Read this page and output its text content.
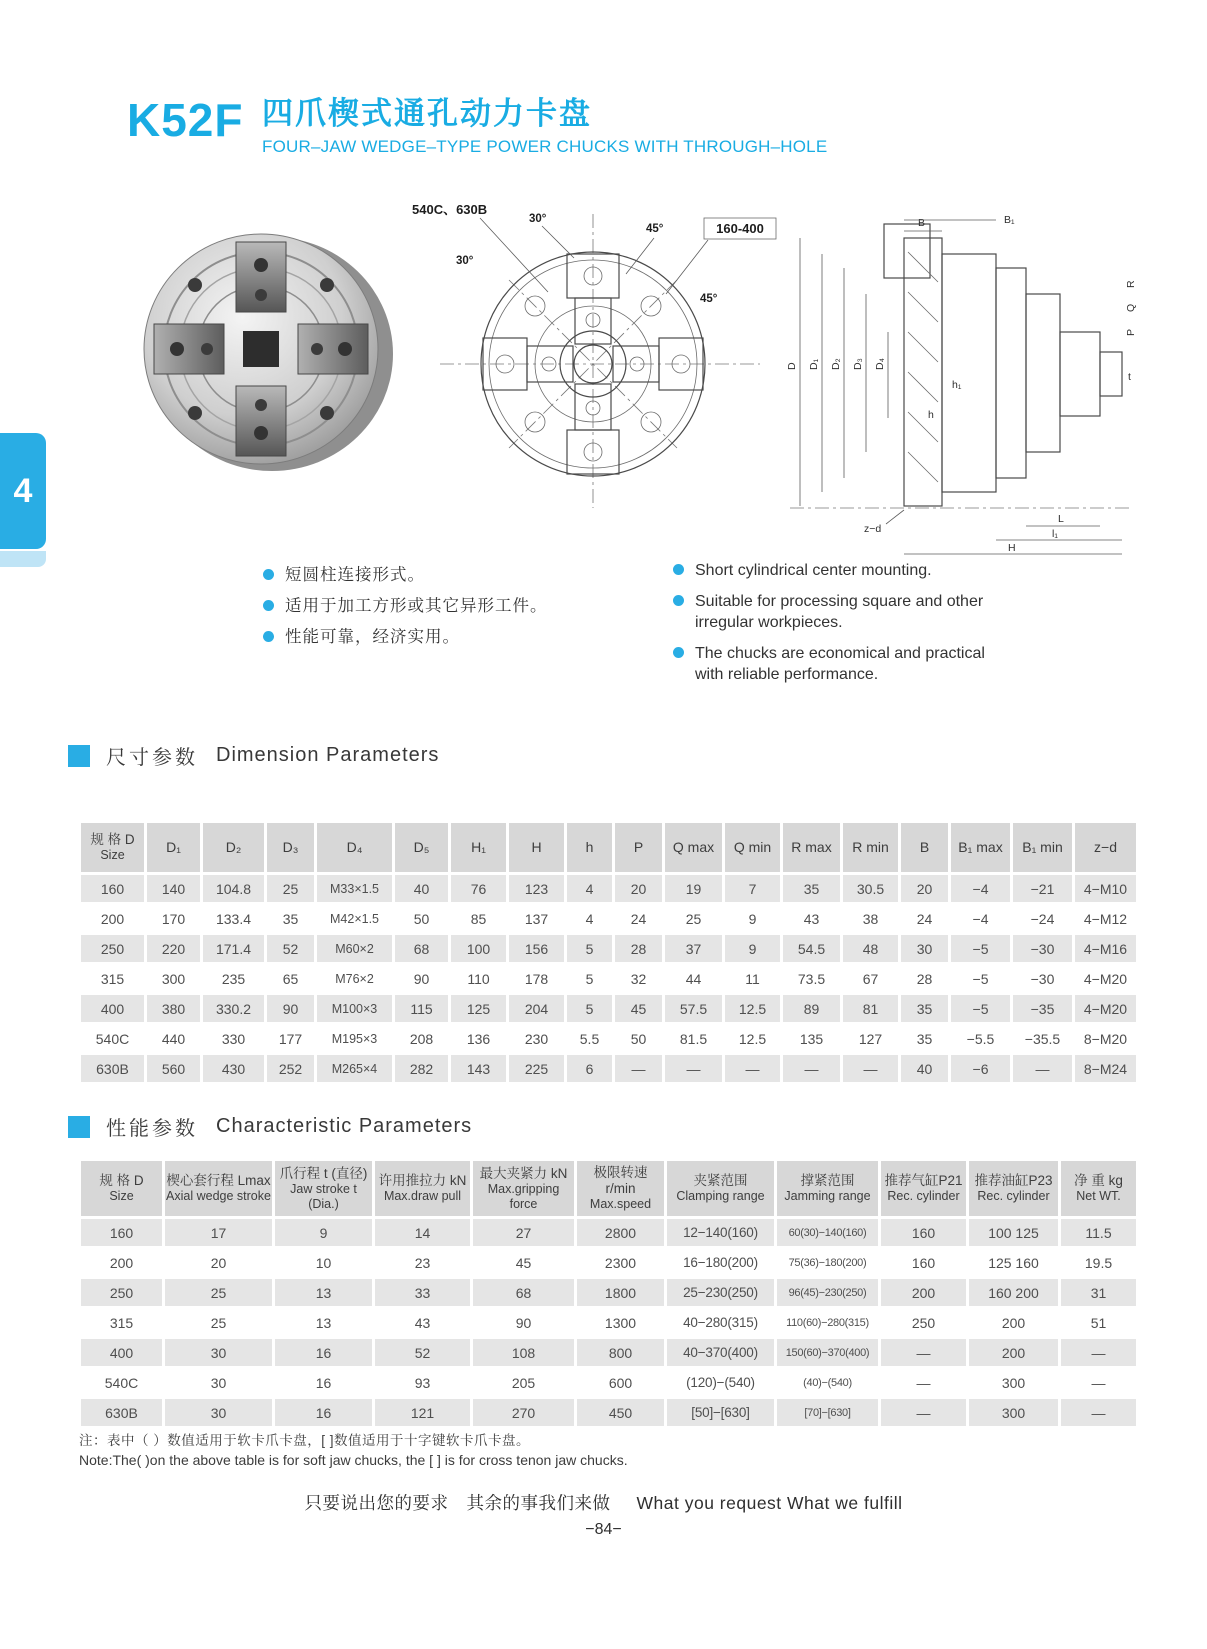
K52F 四爪楔式通孔动力卡盘
FOUR–JAW WEDGE–TYPE POWER CHUCKS WITH THROUGH–HOLE
4
540C、630B
30°
30°
45°
45°
160-400
D D₁ D₂ D₃ D₄
B	B₁
h
h₁
R
Q
P
t
z−d
L
l₁
H
短圆柱连接形式。
适用于加工方形或其它异形工件。
性能可靠，经济实用。
Short cylindrical center mounting.
Suitable for processing square and other irregular workpieces.
The chucks are economical and practical with reliable performance.
尺寸参数 Dimension Parameters
规 格 D
Size	D₁	D₂	D₃	D₄	D₅	H₁	H	h	P	Q max	Q min	R max	R min	B	B₁ max	B₁ min	z−d
160	140	104.8	25	M33×1.5	40	76	123	4	20	19	7	35	30.5	20	−4	−21	4−M10
200	170	133.4	35	M42×1.5	50	85	137	4	24	25	9	43	38	24	−4	−24	4−M12
250	220	171.4	52	M60×2	68	100	156	5	28	37	9	54.5	48	30	−5	−30	4−M16
315	300	235	65	M76×2	90	110	178	5	32	44	11	73.5	67	28	−5	−30	4−M20
400	380	330.2	90	M100×3	115	125	204	5	45	57.5	12.5	89	81	35	−5	−35	4−M20
540C	440	330	177	M195×3	208	136	230	5.5	50	81.5	12.5	135	127	35	−5.5	−35.5	8−M20
630B	560	430	252	M265×4	282	143	225	6	—	—	—	—	—	40	−6	—	8−M24
性能参数 Characteristic Parameters
规 格 D
Size

楔心套行程 Lmax
Axial wedge stroke

爪行程 t (直径)
Jaw stroke t (Dia.)

许用推拉力 kN
Max.draw pull

最大夹紧力 kN
Max.gripping force

极限转速 r/min
Max.speed

夹紧范围
Clamping range

撑紧范围
Jamming range

推荐气缸P21
Rec. cylinder

推荐油缸P23
Rec. cylinder

净 重 kg
Net WT.

160	17	9	14	27	2800	12−140(160)	60(30)−140(160)	160	100 125	11.5
200	20	10	23	45	2300	16−180(200)	75(36)−180(200)	160	125 160	19.5
250	25	13	33	68	1800	25−230(250)	96(45)−230(250)	200	160 200	31
315	25	13	43	90	1300	40−280(315)	110(60)−280(315)	250	200	51
400	30	16	52	108	800	40−370(400)	150(60)−370(400)	—	200	—
540C	30	16	93	205	600	(120)−(540)	(40)−(540)	—	300	—
630B	30	16	121	270	450	[50]−[630]	[70]−[630]	—	300	—
注：表中（ ）数值适用于软卡爪卡盘，[ ]数值适用于十字键软卡爪卡盘。
Note:The( )on the above table is for soft jaw chucks, the [ ] is for cross tenon jaw chucks.
只要说出您的要求　其余的事我们来做 What you request What we fulfill
−84−
